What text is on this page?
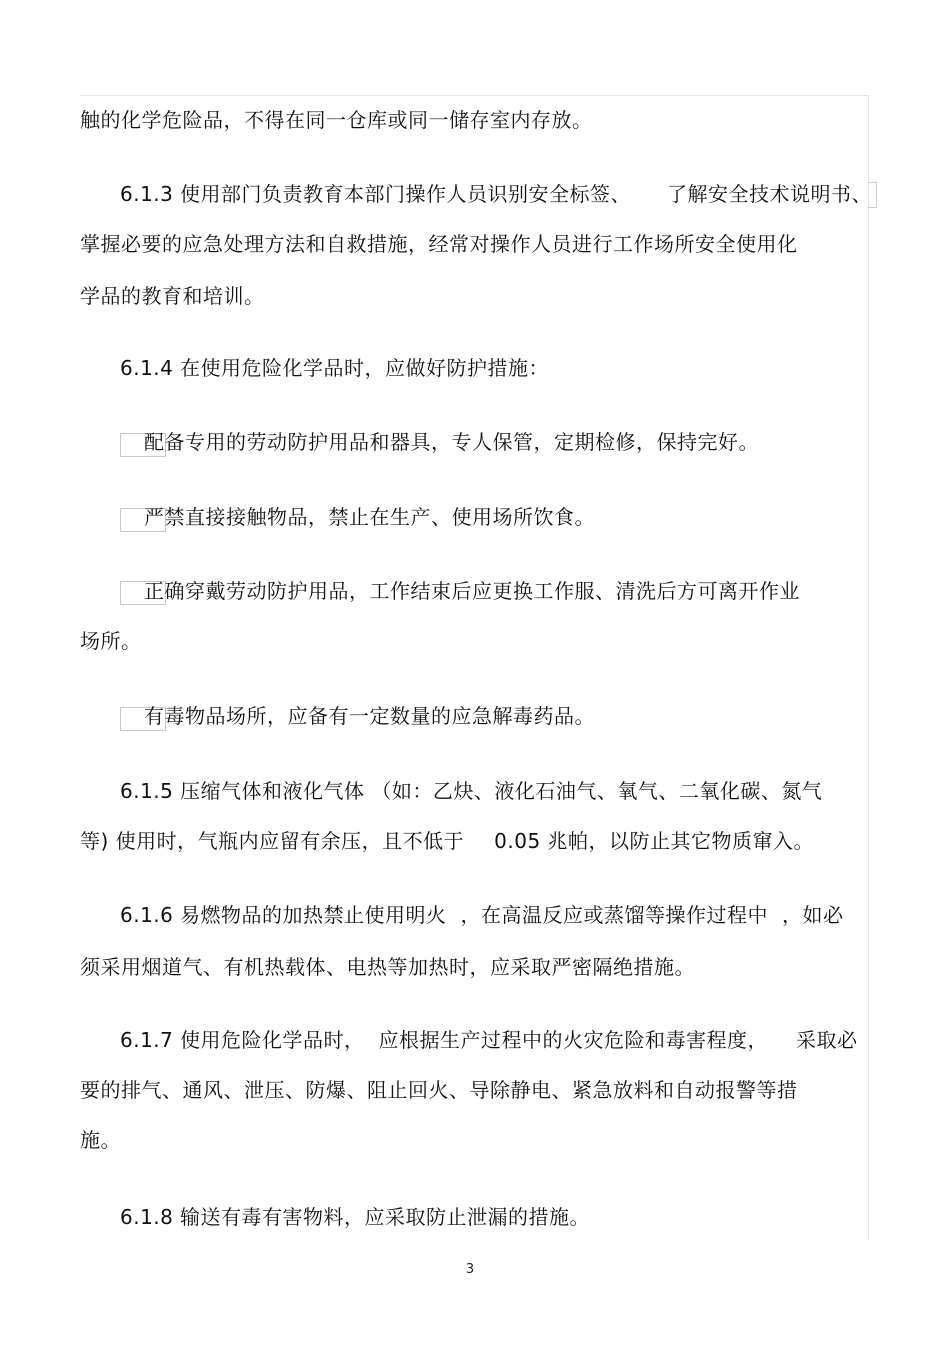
触的化学危险品，不得在同一仓库或同一储存室内存放。
6.1.3 使用部门负责教育本部门操作人员识别安全标签、 了解安全技术说明书、
掌握必要的应急处理方法和自救措施，经常对操作人员进行工作场所安全使用化
学品的教育和培训。
6.1.4 在使用危险化学品时，应做好防护措施：
配备专用的劳动防护用品和器具，专人保管，定期检修，保持完好。
严禁直接接触物品，禁止在生产、使用场所饮食。
正确穿戴劳动防护用品，工作结束后应更换工作服、清洗后方可离开作业
场所。
有毒物品场所，应备有一定数量的应急解毒药品。
6.1.5 压缩气体和液化气体 （如：乙炔、液化石油气、氧气、二氧化碳、氮气
等) 使用时，气瓶内应留有余压，且不低于 0.05 兆帕，以防止其它物质窜入。
6.1.6 易燃物品的加热禁止使用明火 ，在高温反应或蒸馏等操作过程中 ，如必
须采用烟道气、有机热载体、电热等加热时，应采取严密隔绝措施。
6.1.7 使用危险化学品时， 应根据生产过程中的火灾危险和毒害程度， 采取必
要的排气、通风、泄压、防爆、阻止回火、导除静电、紧急放料和自动报警等措
施。
6.1.8 输送有毒有害物料，应采取防止泄漏的措施。
3
